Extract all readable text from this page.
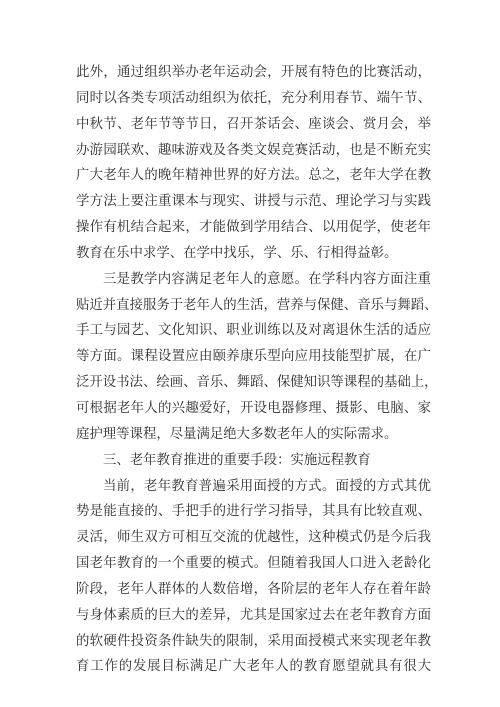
此外，通过组织举办老年运动会，开展有特色的比赛活动，
同时以各类专项活动组织为依托，充分利用春节、端午节、
中秋节、老年节等节日，召开茶话会、座谈会、赏月会，举
办游园联欢、趣味游戏及各类文娱竞赛活动，也是不断充实
广大老年人的晚年精神世界的好方法。总之，老年大学在教
学方法上要注重课本与现实、讲授与示范、理论学习与实践
操作有机结合起来，才能做到学用结合、以用促学，使老年
教育在乐中求学、在学中找乐，学、乐、行相得益彰。
三是教学内容满足老年人的意愿。在学科内容方面注重
贴近并直接服务于老年人的生活，营养与保健、音乐与舞蹈、
手工与园艺、文化知识、职业训练以及对离退休生活的适应
等方面。课程设置应由颐养康乐型向应用技能型扩展，在广
泛开设书法、绘画、音乐、舞蹈、保健知识等课程的基础上，
可根据老年人的兴趣爱好，开设电器修理、摄影、电脑、家
庭护理等课程，尽量满足绝大多数老年人的实际需求。
三、老年教育推进的重要手段：实施远程教育
当前，老年教育普遍采用面授的方式。面授的方式其优
势是能直接的、手把手的进行学习指导，其具有比较直观、
灵活，师生双方可相互交流的优越性，这种模式仍是今后我
国老年教育的一个重要的模式。但随着我国人口进入老龄化
阶段，老年人群体的人数倍增，各阶层的老年人存在着年龄
与身体素质的巨大的差异，尤其是国家过去在老年教育方面
的软硬件投资条件缺失的限制，采用面授模式来实现老年教
育工作的发展目标满足广大老年人的教育愿望就具有很大
